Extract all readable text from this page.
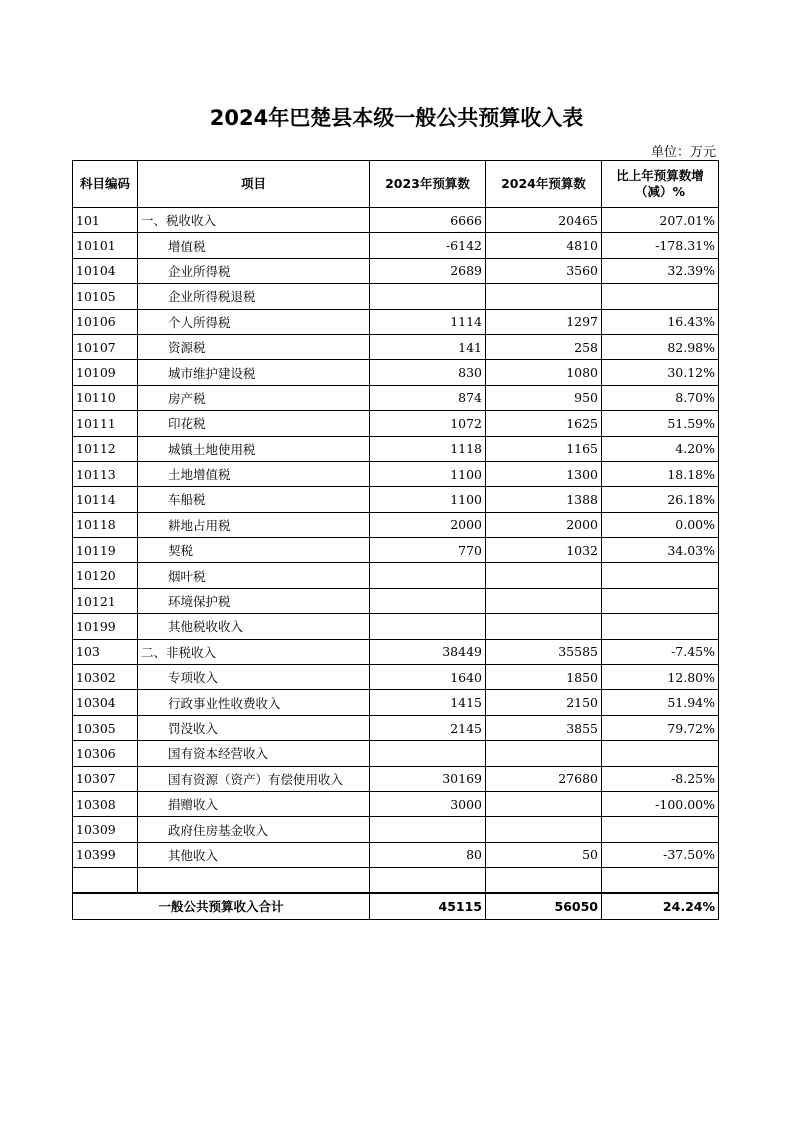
2024年巴楚县本级一般公共预算收入表
单位：万元
科目编码	项目	2023年预算数	2024年预算数	比上年预算数增（减）%
101	一、税收收入	6666	20465	207.01%
10101	增值税	-6142	4810	-178.31%
10104	企业所得税	2689	3560	32.39%
10105	企业所得税退税			
10106	个人所得税	1114	1297	16.43%
10107	资源税	141	258	82.98%
10109	城市维护建设税	830	1080	30.12%
10110	房产税	874	950	8.70%
10111	印花税	1072	1625	51.59%
10112	城镇土地使用税	1118	1165	4.20%
10113	土地增值税	1100	1300	18.18%
10114	车船税	1100	1388	26.18%
10118	耕地占用税	2000	2000	0.00%
10119	契税	770	1032	34.03%
10120	烟叶税			
10121	环境保护税			
10199	其他税收收入			
103	二、非税收入	38449	35585	-7.45%
10302	专项收入	1640	1850	12.80%
10304	行政事业性收费收入	1415	2150	51.94%
10305	罚没收入	2145	3855	79.72%
10306	国有资本经营收入			
10307	国有资源（资产）有偿使用收入	30169	27680	-8.25%
10308	捐赠收入	3000		-100.00%
10309	政府住房基金收入			
10399	其他收入	80	50	-37.50%

一般公共预算收入合计		45115	56050	24.24%
